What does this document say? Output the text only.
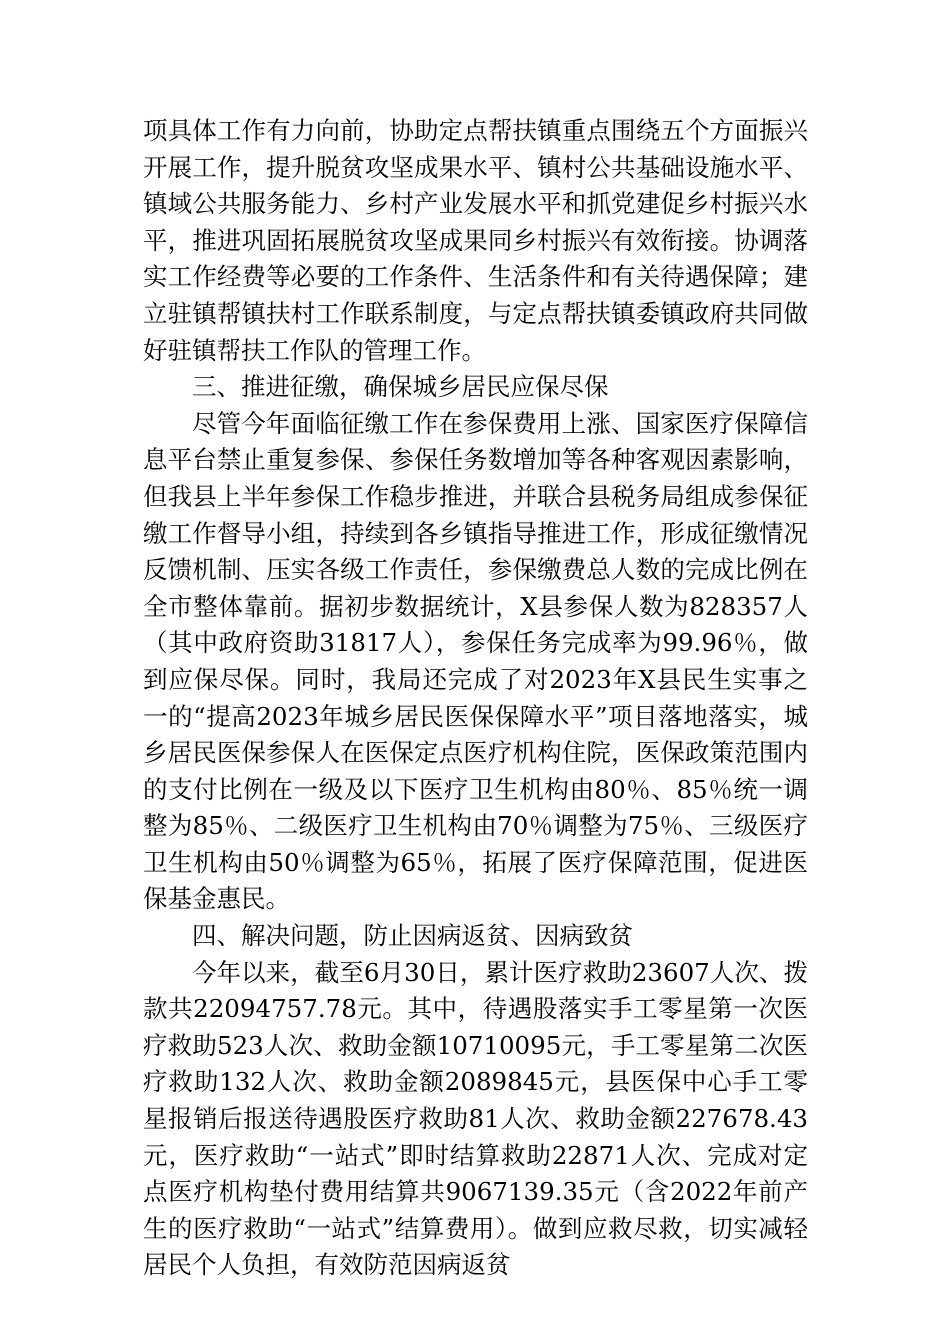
项具体工作有力向前，协助定点帮扶镇重点围绕五个方面振兴开展工作，提升脱贫攻坚成果水平、镇村公共基础设施水平、镇域公共服务能力、乡村产业发展水平和抓党建促乡村振兴水平，推进巩固拓展脱贫攻坚成果同乡村振兴有效衔接。协调落实工作经费等必要的工作条件、生活条件和有关待遇保障；建立驻镇帮镇扶村工作联系制度，与定点帮扶镇委镇政府共同做好驻镇帮扶工作队的管理工作。

三、推进征缴，确保城乡居民应保尽保

尽管今年面临征缴工作在参保费用上涨、国家医疗保障信息平台禁止重复参保、参保任务数增加等各种客观因素影响，但我县上半年参保工作稳步推进，并联合县税务局组成参保征缴工作督导小组，持续到各乡镇指导推进工作，形成征缴情况反馈机制、压实各级工作责任，参保缴费总人数的完成比例在全市整体靠前。据初步数据统计，X县参保人数为828357人（其中政府资助31817人），参保任务完成率为99.96％，做到应保尽保。同时，我局还完成了对2023年X县民生实事之一的“提高2023年城乡居民医保保障水平”项目落地落实，城乡居民医保参保人在医保定点医疗机构住院，医保政策范围内的支付比例在一级及以下医疗卫生机构由80％、85％统一调整为85％、二级医疗卫生机构由70％调整为75％、三级医疗卫生机构由50％调整为65％，拓展了医疗保障范围，促进医保基金惠民。

四、解决问题，防止因病返贫、因病致贫

今年以来，截至6月30日，累计医疗救助23607人次、拨款共22094757.78元。其中，待遇股落实手工零星第一次医疗救助523人次、救助金额10710095元，手工零星第二次医疗救助132人次、救助金额2089845元，县医保中心手工零星报销后报送待遇股医疗救助81人次、救助金额227678.43元，医疗救助“一站式”即时结算救助22871人次、完成对定点医疗机构垫付费用结算共9067139.35元（含2022年前产生的医疗救助“一站式”结算费用）。做到应救尽救，切实减轻居民个人负担，有效防范因病返贫
